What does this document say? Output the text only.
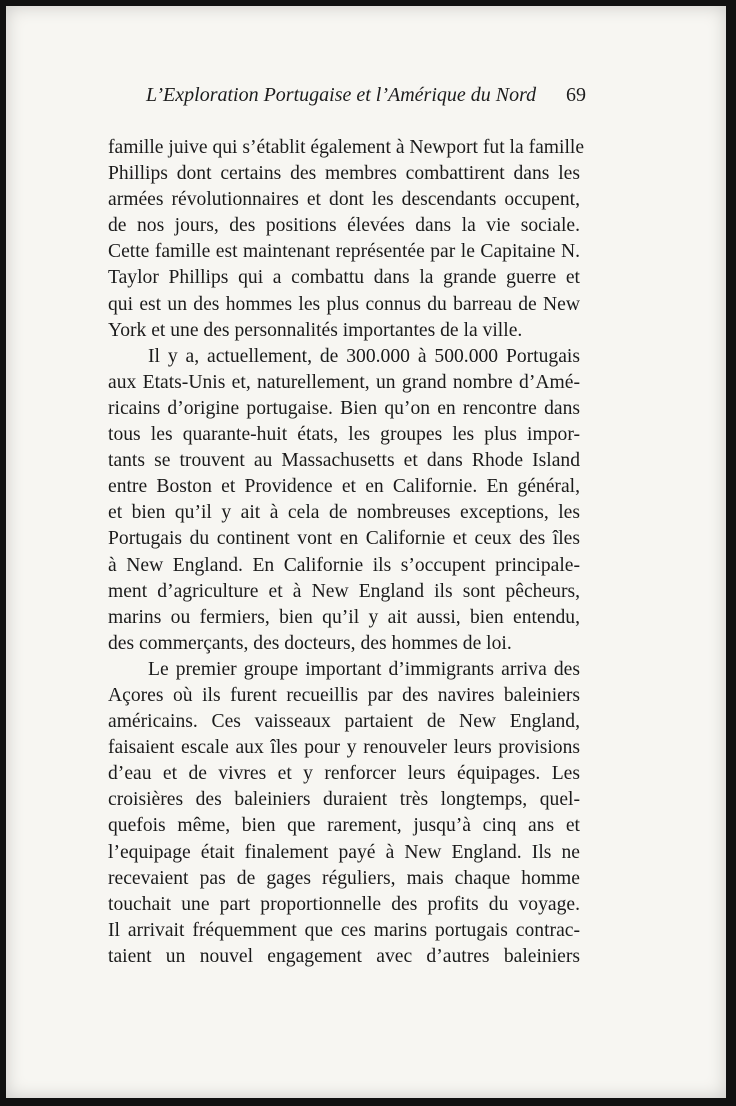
L’Exploration Portugaise et l’Amérique du Nord 69
famille juive qui s’établit également à Newport fut la famille
Phillips dont certains des membres combattirent dans les
armées révolutionnaires et dont les descendants occupent,
de nos jours, des positions élevées dans la vie sociale.
Cette famille est maintenant représentée par le Capitaine N.
Taylor Phillips qui a combattu dans la grande guerre et
qui est un des hommes les plus connus du barreau de New
York et une des personnalités importantes de la ville.
Il y a, actuellement, de 300.000 à 500.000 Portugais
aux Etats-Unis et, naturellement, un grand nombre d’Amé-
ricains d’origine portugaise. Bien qu’on en rencontre dans
tous les quarante-huit états, les groupes les plus impor-
tants se trouvent au Massachusetts et dans Rhode Island
entre Boston et Providence et en Californie. En général,
et bien qu’il y ait à cela de nombreuses exceptions, les
Portugais du continent vont en Californie et ceux des îles
à New England. En Californie ils s’occupent principale-
ment d’agriculture et à New England ils sont pêcheurs,
marins ou fermiers, bien qu’il y ait aussi, bien entendu,
des commerçants, des docteurs, des hommes de loi.
Le premier groupe important d’immigrants arriva des
Açores où ils furent recueillis par des navires baleiniers
américains. Ces vaisseaux partaient de New England,
faisaient escale aux îles pour y renouveler leurs provisions
d’eau et de vivres et y renforcer leurs équipages. Les
croisières des baleiniers duraient très longtemps, quel-
quefois même, bien que rarement, jusqu’à cinq ans et
l’equipage était finalement payé à New England. Ils ne
recevaient pas de gages réguliers, mais chaque homme
touchait une part proportionnelle des profits du voyage.
Il arrivait fréquemment que ces marins portugais contrac-
taient un nouvel engagement avec d’autres baleiniers
